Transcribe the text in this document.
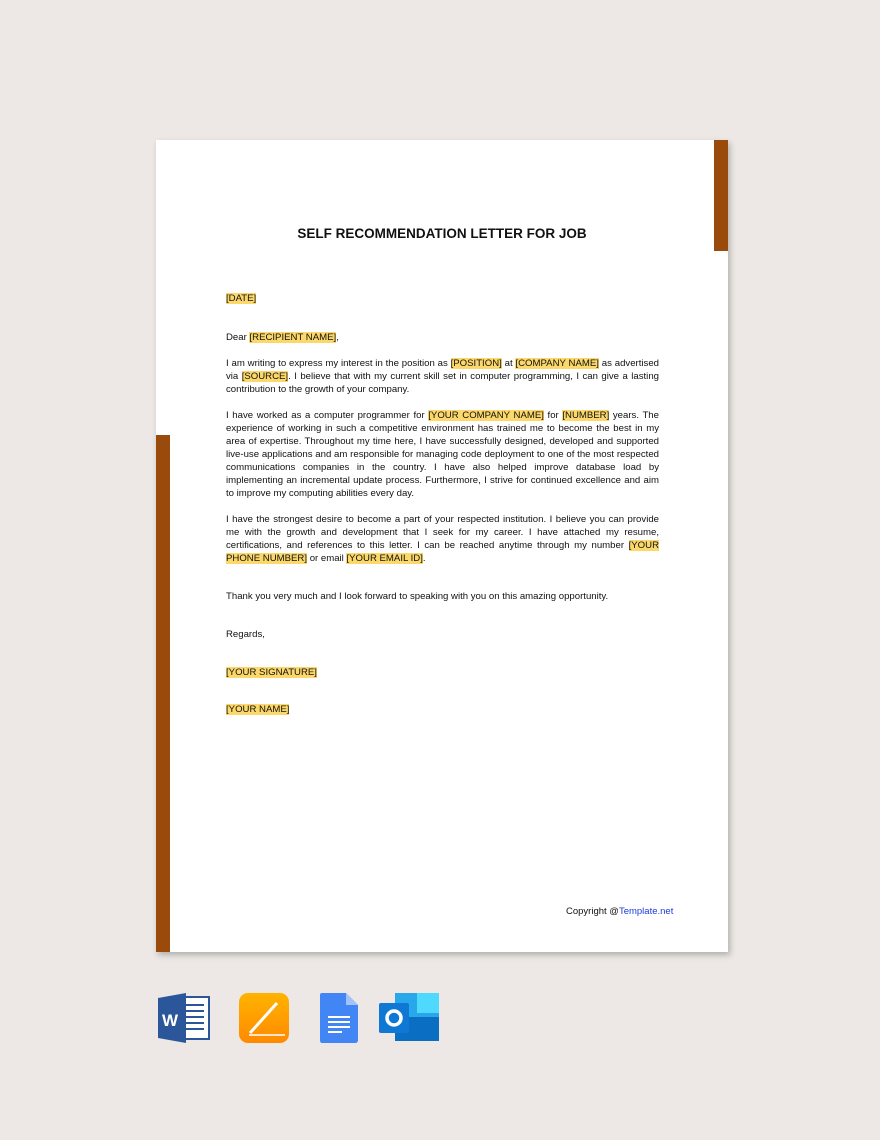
SELF RECOMMENDATION LETTER FOR JOB

[DATE]

Dear [RECIPIENT NAME],

I am writing to express my interest in the position as [POSITION] at [COMPANY NAME] as advertised via [SOURCE]. I believe that with my current skill set in computer programming, I can give a lasting contribution to the growth of your company.

I have worked as a computer programmer for [YOUR COMPANY NAME] for [NUMBER] years. The experience of working in such a competitive environment has trained me to become the best in my area of expertise. Throughout my time here, I have successfully designed, developed and supported live-use applications and am responsible for managing code deployment to one of the most respected communications companies in the country. I have also helped improve database load by implementing an incremental update process. Furthermore, I strive for continued excellence and aim to improve my computing abilities every day.

I have the strongest desire to become a part of your respected institution. I believe you can provide me with the growth and development that I seek for my career. I have attached my resume, certifications, and references to this letter. I can be reached anytime through my number [YOUR PHONE NUMBER] or email [YOUR EMAIL ID].

Thank you very much and I look forward to speaking with you on this amazing opportunity.

Regards,

[YOUR SIGNATURE]

[YOUR NAME]

Copyright @Template.net
W
